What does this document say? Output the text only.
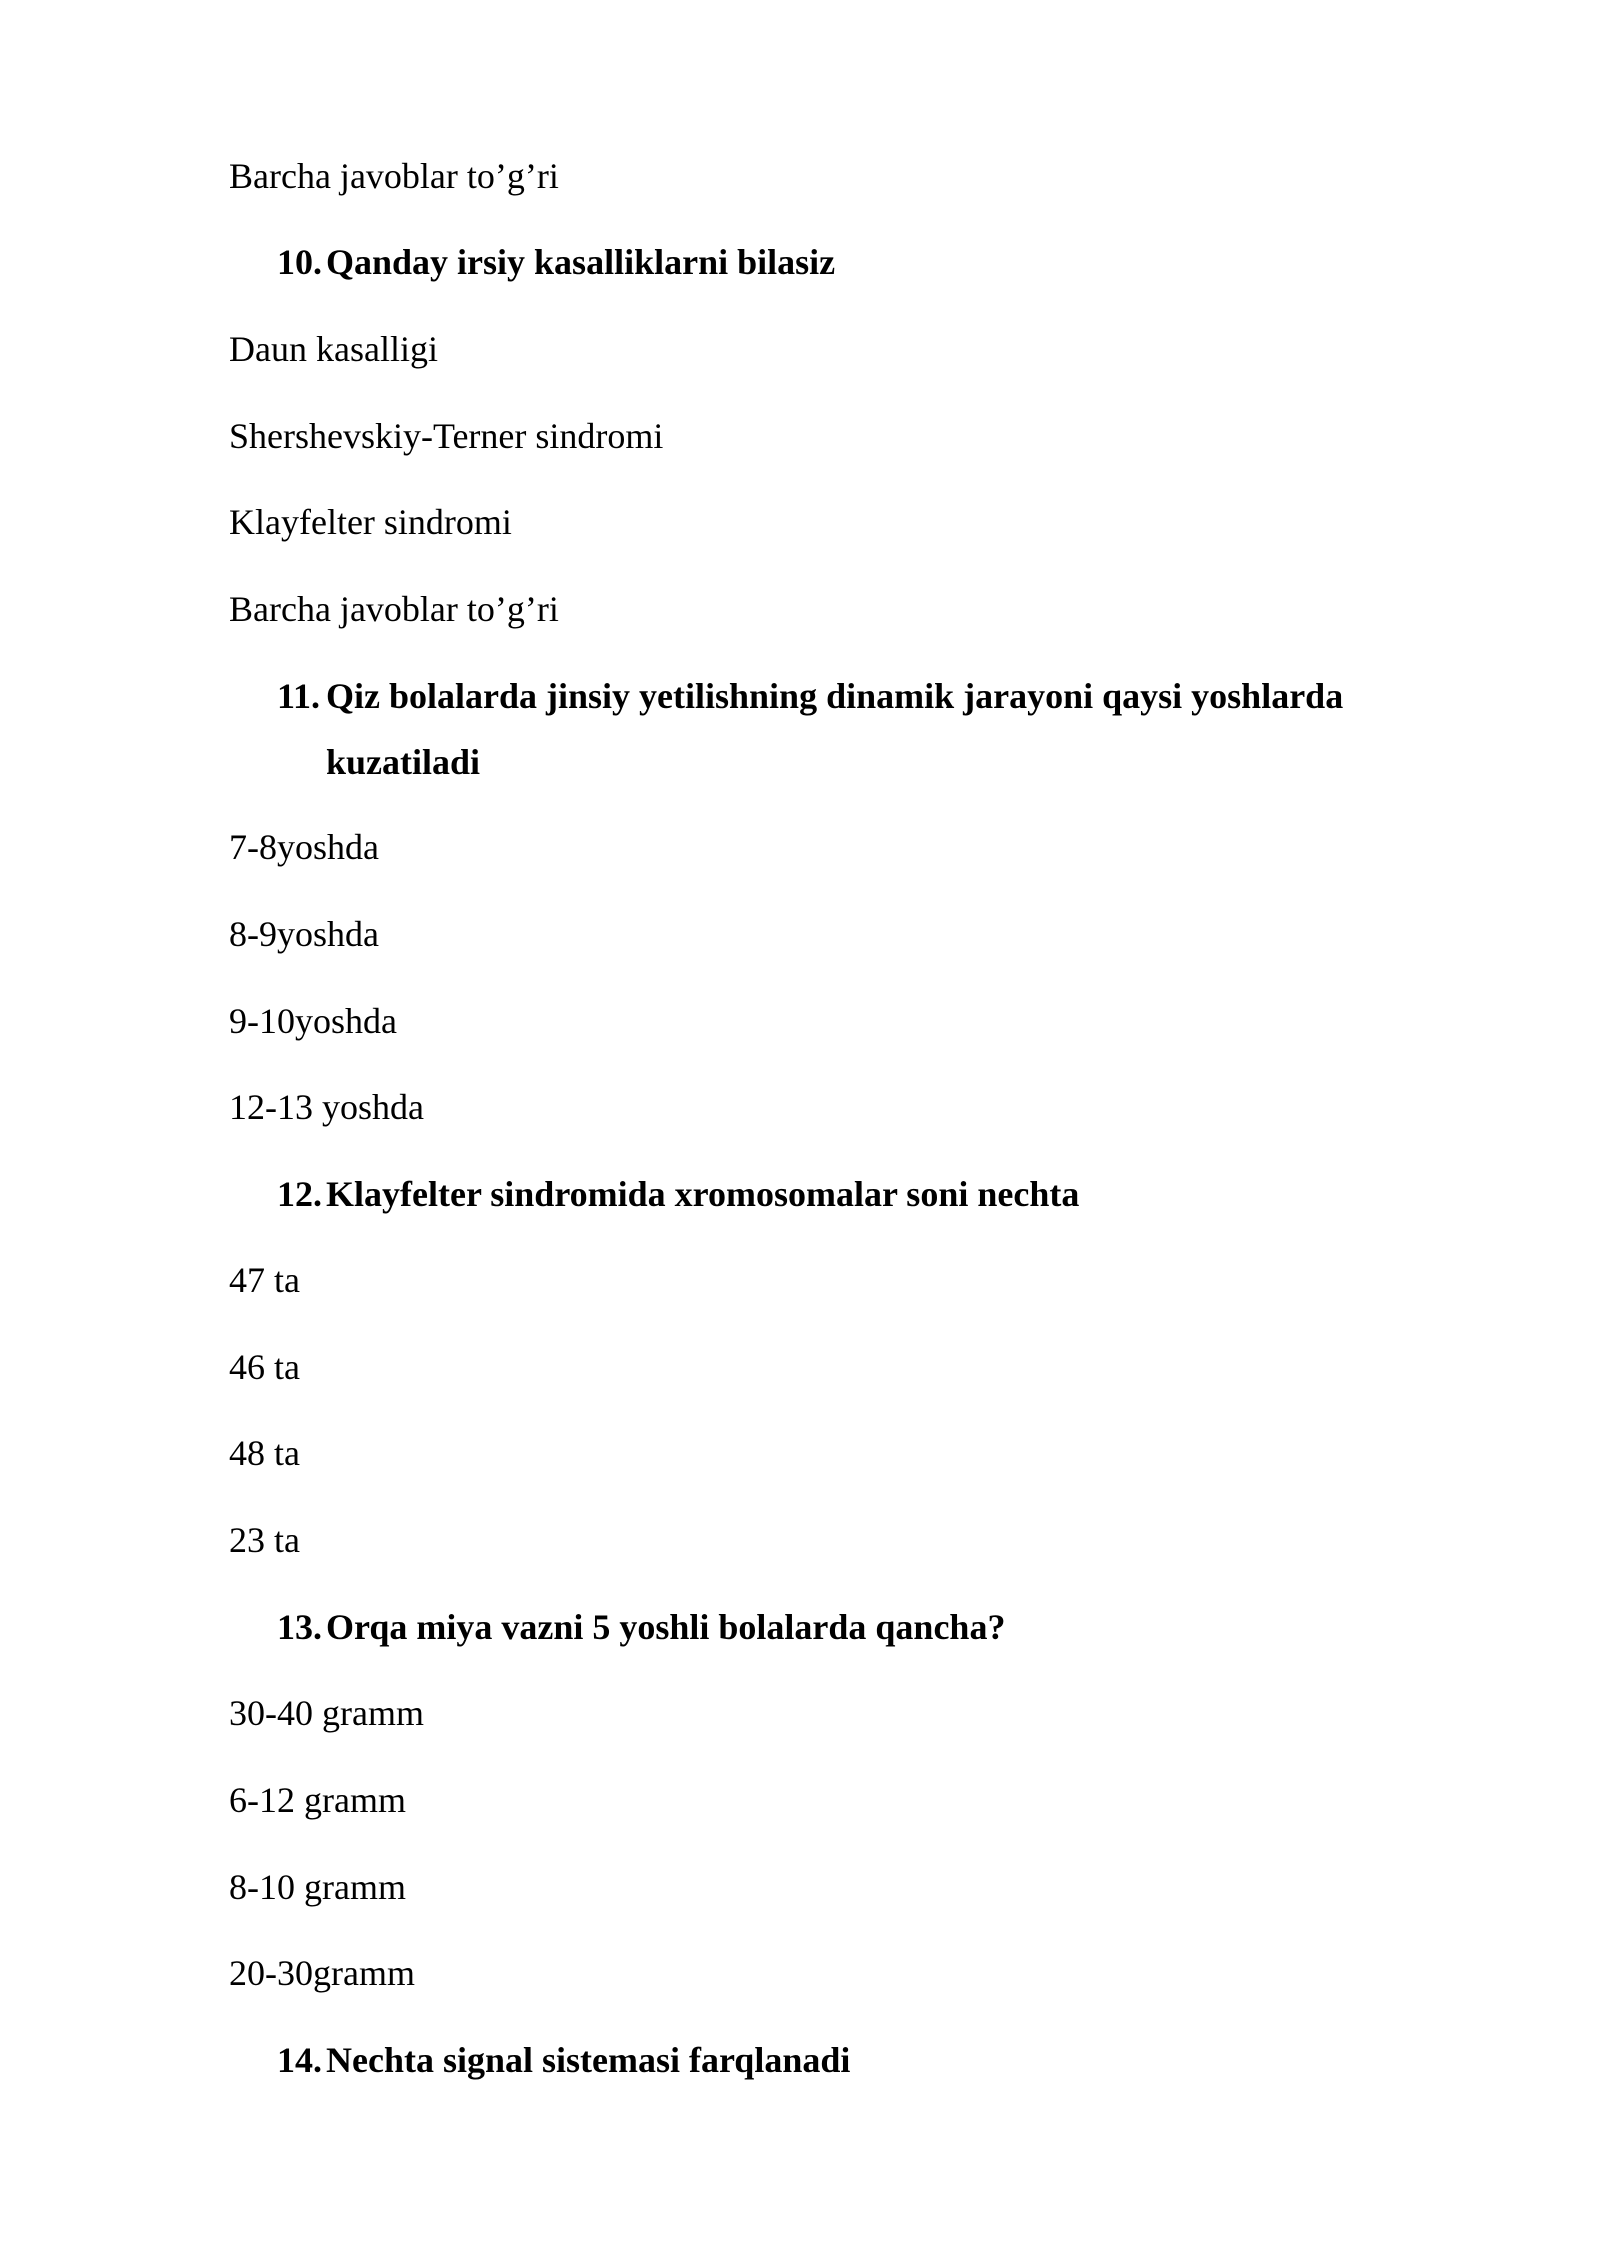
Barcha javoblar to’g’ri
10. Qanday irsiy kasalliklarni bilasiz
Daun kasalligi
Shershevskiy-Terner sindromi
Klayfelter sindromi
Barcha javoblar to’g’ri
11. Qiz bolalarda jinsiy yetilishning dinamik jarayoni qaysi yoshlarda kuzatiladi
7-8yoshda
8-9yoshda
9-10yoshda
12-13 yoshda
12. Klayfelter sindromida xromosomalar soni nechta
47 ta
46 ta
48 ta
23 ta
13. Orqa miya vazni 5 yoshli bolalarda qancha?
30-40 gramm
6-12 gramm
8-10 gramm
20-30gramm
14. Nechta signal sistemasi farqlanadi
